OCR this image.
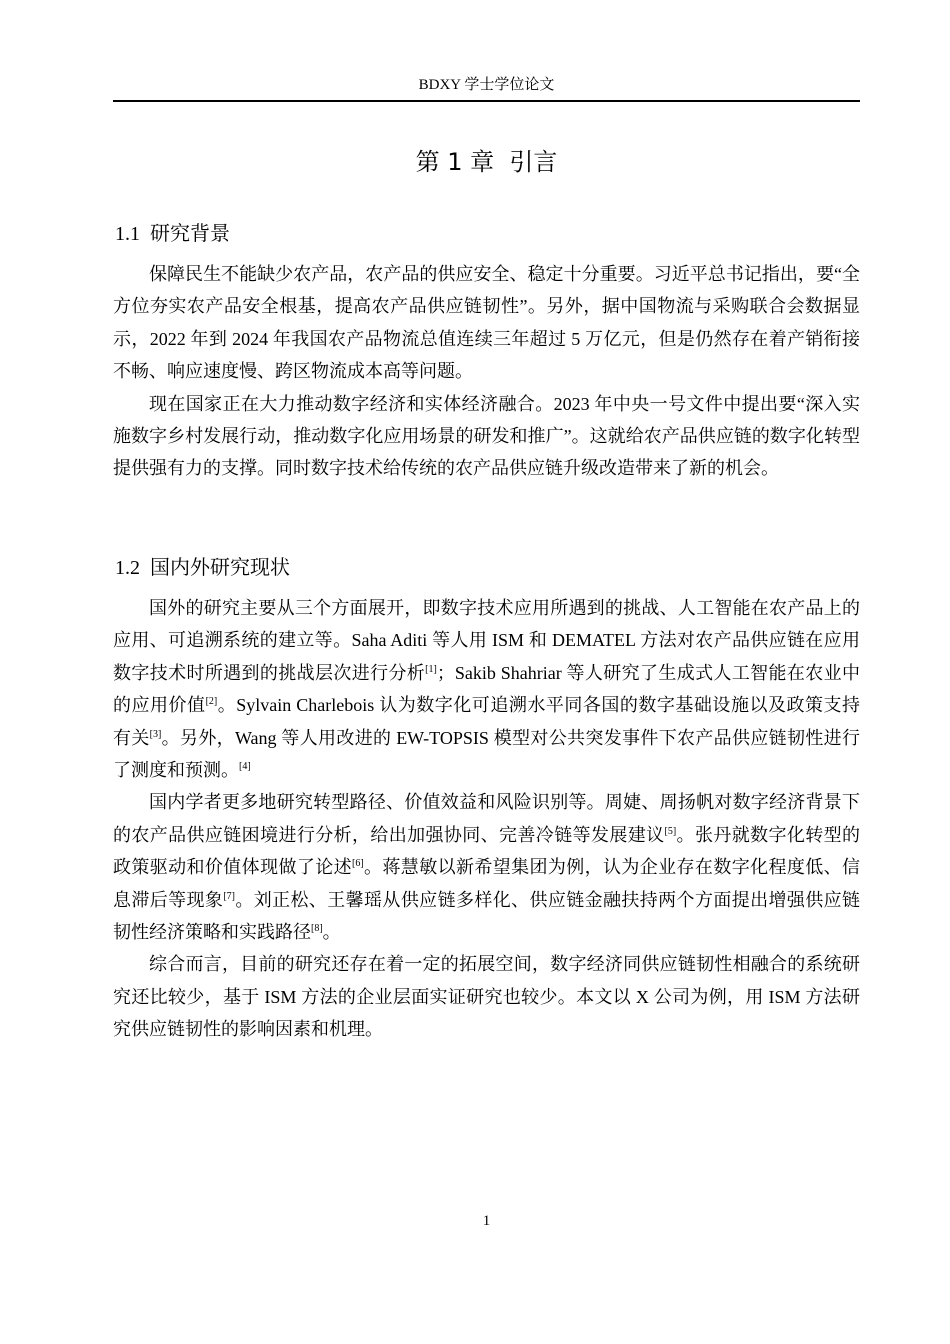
BDXY 学士学位论文
第 1 章  引言
1.1 研究背景

保障民生不能缺少农产品，农产品的供应安全、稳定十分重要。习近平总书记指出，要“全方位夯实农产品安全根基，提高农产品供应链韧性”。另外，据中国物流与采购联合会数据显示，2022 年到 2024 年我国农产品物流总值连续三年超过 5 万亿元，但是仍然存在着产销衔接不畅、响应速度慢、跨区物流成本高等问题。

现在国家正在大力推动数字经济和实体经济融合。2023 年中央一号文件中提出要“深入实施数字乡村发展行动，推动数字化应用场景的研发和推广”。这就给农产品供应链的数字化转型提供强有力的支撑。同时数字技术给传统的农产品供应链升级改造带来了新的机会。

1.2 国内外研究现状

国外的研究主要从三个方面展开，即数字技术应用所遇到的挑战、人工智能在农产品上的应用、可追溯系统的建立等。Saha Aditi 等人用 ISM 和 DEMATEL 方法对农产品供应链在应用数字技术时所遇到的挑战层次进行分析[1]；Sakib Shahriar 等人研究了生成式人工智能在农业中的应用价值[2]。Sylvain Charlebois 认为数字化可追溯水平同各国的数字基础设施以及政策支持有关[3]。另外，Wang 等人用改进的 EW-TOPSIS 模型对公共突发事件下农产品供应链韧性进行了测度和预测。[4]

国内学者更多地研究转型路径、价值效益和风险识别等。周婕、周扬帆对数字经济背景下的农产品供应链困境进行分析，给出加强协同、完善冷链等发展建议[5]。张丹就数字化转型的政策驱动和价值体现做了论述[6]。蒋慧敏以新希望集团为例，认为企业存在数字化程度低、信息滞后等现象[7]。刘正松、王馨瑶从供应链多样化、供应链金融扶持两个方面提出增强供应链韧性经济策略和实践路径[8]。

综合而言，目前的研究还存在着一定的拓展空间，数字经济同供应链韧性相融合的系统研究还比较少，基于 ISM 方法的企业层面实证研究也较少。本文以 X 公司为例，用 ISM 方法研究供应链韧性的影响因素和机理。

1
